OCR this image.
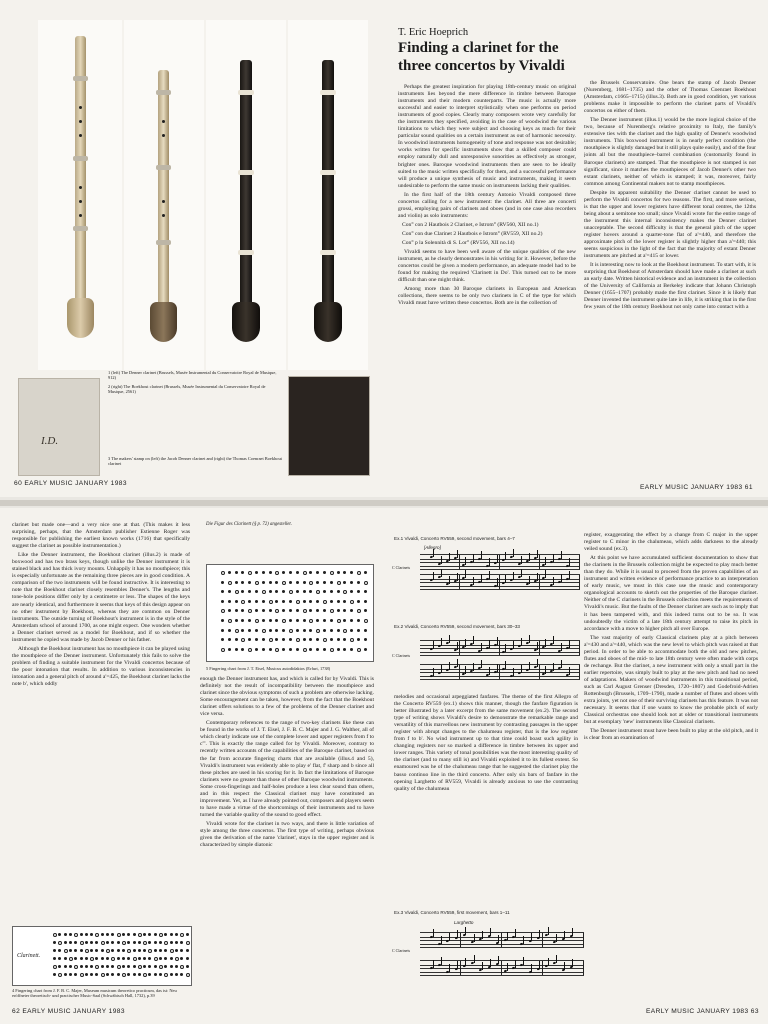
I.D.
1 (left) The Denner clarinet (Brussels, Musée Instrumental du Conservatoire Royal de Musique, 912)
2 (right) The Boekhout clarinet (Brussels, Musée Instrumental du Conservatoire Royal de Musique, 2561)
3 The makers' stamp on (left) the Jacob Denner clarinet and (right) the Thomas Coenraet Boekhout clarinet
60 EARLY MUSIC JANUARY 1983
T. Eric Hoeprich
Finding a clarinet for the three concertos by Vivaldi

Perhaps the greatest inspiration for playing 18th-century music on original instruments lies beyond the mere difference in timbre between Baroque instruments and their modern counterparts. The music is actually more successful and easier to interpret stylistically when one performs on period instruments of good copies. Clearly many composers wrote very carefully for the instruments they specified, avoiding in the case of woodwind the various limitations to which they were subject and choosing keys as much for their particular sound qualities on a certain instrument as out of harmonic necessity. In woodwind instruments homogeneity of tone and response was not desirable; works written for specific instruments show that a skilled composer could employ naturally dull and unresponsive sonorities as effectively as stronger, brighter ones. Baroque woodwind instruments then are seen to be ideally suited to the music written specifically for them, and a successful performance will produce a unique synthesis of music and instruments, making it seem undesirable to perform the same music on instruments lacking their qualities.

In the first half of the 18th century Antonio Vivaldi composed three concertos calling for a new instrument: the clarinet. All three are concerti grossi, employing pairs of clarinets and oboes (and in one case also recorders and violin) as solo instruments:

Con° con 2 Hautbois 2 Clarinet, e Istrom° (RV560, XII no.1)

Con° con due Clarinet 2 Hautbois e Istrom° (RV559, XII no.2)

Con° p la Solennità di S. Lor° (RV556, XII no.14)

Vivaldi seems to have been well aware of the unique qualities of the new instrument, as he clearly demonstrates in his writing for it. However, before the concertos could be given a modern performance, an adequate model had to be found for making the required 'Clarinett in Do'. This turned out to be more difficult than one might think.

Among more than 30 Baroque clarinets in European and American collections, there seems to be only two clarinets in C of the type for which Vivaldi must have written these concertos. Both are in the collection of

the Brussels Conservatoire. One bears the stamp of Jacob Denner (Nuremberg, 1681–1735) and the other of Thomas Coenraet Boekhout (Amsterdam, c1665–1715) (illus.3). Both are in good condition, yet various problems make it impossible to perform the clarinet parts of Vivaldi's concertos on either of them.

The Denner instrument (illus.1) would be the more logical choice of the two, because of Nuremberg's relative proximity to Italy, the family's extensive ties with the clarinet and the high quality of Denner's woodwind instruments. This boxwood instrument is in nearly perfect condition (the mouthpiece is slightly damaged but it still plays quite easily), and of the four joints all but the mouthpiece–barrel combination (customarily found in Baroque clarinets) are stamped. That the mouthpiece is not stamped is not significant, since it matches the mouthpieces of Jacob Denner's other two extant clarinets, neither of which is stamped; it was, moreover, fairly common among Continental makers not to stamp mouthpieces.

Despite its apparent suitability the Denner clarinet cannot be used to perform the Vivaldi concertos for two reasons. The first, and more serious, is that the upper and lower registers have different tonal centres, the 12ths being about a semitone too small; since Vivaldi wrote for the entire range of the instrument this internal inconsistency makes the Denner clarinet unacceptable. The second difficulty is that the general pitch of the upper register hovers around a quarter-tone flat of a'=440, and therefore the approximate pitch of the lower register is slightly higher than a'=440; this seems suspicious in the light of the fact that the majority of extant Denner instruments are pitched at a'=415 or lower.

It is interesting now to look at the Boekhout instrument. To start with, it is surprising that Boekhout of Amsterdam should have made a clarinet at such an early date. Written historical evidence and an instrument in the collection of the University of California at Berkeley indicate that Johann Christoph Denner (1655–1707) probably made the first clarinet. Since it is likely that Denner invented the instrument quite late in life, it is striking that in the first few years of the 18th century Boekhout not only came into contact with a

EARLY MUSIC JANUARY 1983 61

clarinet but made one—and a very nice one at that. (This makes it less surprising, perhaps, that the Amsterdam publisher Estienne Roger was responsible for publishing the earliest known works (1716) that specifically suggest the clarinet as possible instrumentation.)

Like the Denner instrument, the Boekhout clarinet (illus.2) is made of boxwood and has two brass keys, though unlike the Denner instrument it is stained black and has thick ivory mounts. Unhappily it has no mouthpiece; this is especially unfortunate as the remaining three pieces are in good condition. A comparison of the two instruments will be found instructive. It is interesting to note that the Boekhout clarinet closely resembles Denner's. The lengths and tone-hole positions differ only by a centimetre or less. The shapes of the keys are nearly identical, and furthermore it seems that keys of this design appear on no other instrument by Boekhout, whereas they are common on Denner instruments. The outside turning of Boekhout's instrument is in the style of the Amsterdam school of around 1700, as one might expect. One wonders whether a Denner clarinet served as a model for Boekhout, and if so whether the instrument he copied was made by Jacob Denner or his father.

Although the Boekhout instrument has no mouthpiece it can be played using the mouthpiece of the Denner instrument. Unfortunately this fails to solve the problem of finding a suitable instrument for the Vivaldi concertos because of the poor intonation that results. In addition to various inconsistencies in intonation and a general pitch of around a'=425, the Boekhout clarinet lacks the note b', which oddly

Die Figur des Clarinett (§ p. 72) angestellet.
5 Fingering chart from J. T. Eisel, Musicus autodidaktos (Erfurt, 1738)

enough the Denner instrument has, and which is called for by Vivaldi. This is definitely not the result of incompatibility between the mouthpiece and clarinet since the obvious symptoms of such a problem are otherwise lacking. Some encouragement can be taken, however, from the fact that the Boekhout clarinet offers solutions to a few of the problems of the Denner clarinet and vice versa.

Contemporary references to the range of two-key clarinets like these can be found in the works of J. T. Eisel, J. F. B. C. Majer and J. G. Walther, all of which clearly indicate use of the complete lower and upper registers from f to c'''. This is exactly the range called for by Vivaldi. Moreover, contrary to recently written accounts of the capabilities of the Baroque clarinet, based on the far from accurate fingering charts that are available (illus.4 and 5), Vivaldi's instrument was evidently able to play e' flat, f' sharp and b since all these pitches are used in his scoring for it. In fact the limitations of Baroque clarinets were no greater than those of other Baroque woodwind instruments. Some cross-fingerings and half-holes produce a less clear sound than others, and in this respect the Classical clarinet may have constituted an improvement. Yet, as I have already pointed out, composers and players seem to have made a virtue of the shortcomings of their instruments and to have turned the variable quality of the sound to good effect.

Vivaldi wrote for the clarinet in two ways, and there is little variation of style among the three concertos. The first type of writing, perhaps obvious given the derivation of the name 'clarinet', stays in the upper register and is characterized by simple diatonic

Clarinett.
4 Fingering chart from J. F. B. C. Majer, Museum musicum theoretico practicum, das ist: Neu eröffneter theoretisch- und practischer Music-Saal (Schwäbisch Hall, 1732), p.39
62 EARLY MUSIC JANUARY 1983
Ex.1 Vivaldi, Concerto RV559, second movement, bars 4–7
[Allegro]
C Clarinets
Ex.2 Vivaldi, Concerto RV559, second movement, bars 30–33
C Clarinets

melodies and occasional arpeggiated fanfares. The theme of the first Allegro of the Concerto RV559 (ex.1) shows this manner, though the fanfare figuration is better illustrated by a later excerpt from the same movement (ex.2). The second type of writing shows Vivaldi's desire to demonstrate the remarkable range and versatility of this marvellous new instrument by contrasting passages in the upper register with abrupt changes to the chalumeau register, that is the low register from f to b'. No wind instrument up to that time could boast such agility in changing registers nor so marked a difference in timbre between its upper and lower ranges. This variety of tonal possibilities was the most interesting quality of the clarinet (and to many still is) and Vivaldi exploited it to its fullest extent. So enamoured was he of the chalumeau range that he suggested the clarinet play the basso continuo line in the third concerto. After only six bars of fanfare in the opening Larghetto of RV559, Vivaldi is already anxious to use the contrasting quality of the chalumeau

Ex.3 Vivaldi, Concerto RV559, first movement, bars 1–11
Larghetto
C Clarinets

register, exaggerating the effect by a change from C major in the upper register to C minor in the chalumeau, which adds darkness to the already veiled sound (ex.3).

At this point we have accumulated sufficient documentation to show that the clarinets in the Brussels collection might be expected to play much better than they do. While it is usual to proceed from the proven capabilities of an instrument and written evidence of performance practice to an interpretation of early music, we must in this case use the music and contemporary organological accounts to sketch out the properties of the Baroque clarinet. Neither of the C clarinets in the Brussels collection meets the requirements of Vivaldi's music. But the faults of the Denner clarinet are such as to imply that it has been tampered with, and this indeed turns out to be so. It was undoubtedly the victim of a late 18th century attempt to raise its pitch in accordance with a move to higher pitch all over Europe.

The vast majority of early Classical clarinets play at a pitch between a'=430 and a'=440, which was the new level to which pitch was raised at that period. In order to be able to accommodate both the old and new pitches, flutes and oboes of the mid- to late 18th century were often made with corps de rechange. But the clarinet, a new instrument with only a small part in the earlier repertoire, was simply built to play at the new pitch and had no need of adaptations. Makers of woodwind instruments in this transitional period, such as Carl August Grenser (Dresden, 1720–1807) and Godefroid-Adrien Rottenburgh (Brussels, 1709–1790), made a number of flutes and oboes with extra joints, yet not one of their surviving clarinets has this feature. It was not necessary. It seems that if one wants to know the probable pitch of early Classical orchestras one should look not at older or transitional instruments but at exemplary 'new' instruments like Classical clarinets.

The Denner instrument must have been built to play at the old pitch, and it is clear from an examination of

EARLY MUSIC JANUARY 1983 63
